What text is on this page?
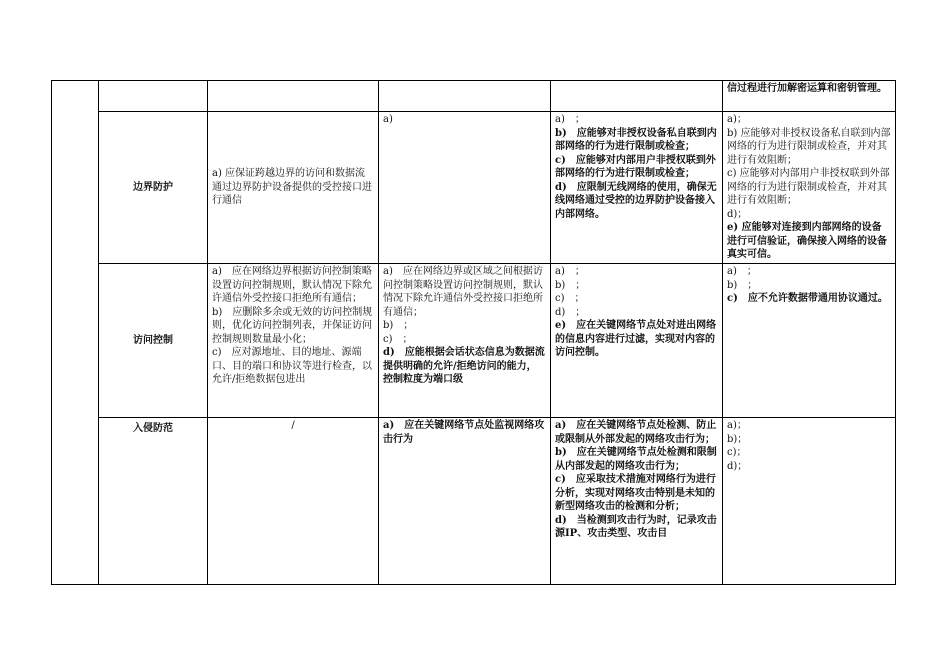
					信过程进行加解密运算和密钥管理。

	边界防护	a) 应保证跨越边界的访问和数据流通过边界防护设备提供的受控接口进行通信	a)	a)　；
b)　应能够对非授权设备私自联到内部网络的行为进行限制或检查；
c)　应能够对内部用户非授权联到外部网络的行为进行限制或检查；
d)　应限制无线网络的使用，确保无线网络通过受控的边界防护设备接入内部网络。	a)；
b) 应能够对非授权设备私自联到内部网络的行为进行限制或检查，并对其进行有效阻断；
c) 应能够对内部用户非授权联到外部网络的行为进行限制或检查，并对其进行有效阻断；
d)；
e) 应能够对连接到内部网络的设备进行可信验证，确保接入网络的设备真实可信。

	访问控制	a)　应在网络边界根据访问控制策略设置访问控制规则，默认情况下除允许通信外受控接口拒绝所有通信；
b)　应删除多余或无效的访问控制规则，优化访问控制列表，并保证访问控制规则数量最小化；
c)　应对源地址、目的地址、源端口、目的端口和协议等进行检查，以允许/拒绝数据包进出	a)　应在网络边界或区域之间根据访问控制策略设置访问控制规则，默认情况下除允许通信外受控接口拒绝所有通信；
b)　；
c)　；
d)　应能根据会话状态信息为数据流提供明确的允许/拒绝访问的能力，控制粒度为端口级	a)　；
b)　；
c)　；
d)　；
e)　应在关键网络节点处对进出网络的信息内容进行过滤，实现对内容的访问控制。	a)　；
b)　；
c)　应不允许数据带通用协议通过。

	入侵防范	/	a)　应在关键网络节点处监视网络攻击行为	a)　应在关键网络节点处检测、防止或限制从外部发起的网络攻击行为；
b)　应在关键网络节点处检测和限制从内部发起的网络攻击行为；
c)　应采取技术措施对网络行为进行分析，实现对网络攻击特别是未知的新型网络攻击的检测和分析；
d)　当检测到攻击行为时，记录攻击源IP、攻击类型、攻击目	a)；
b)；
c)；
d)；
